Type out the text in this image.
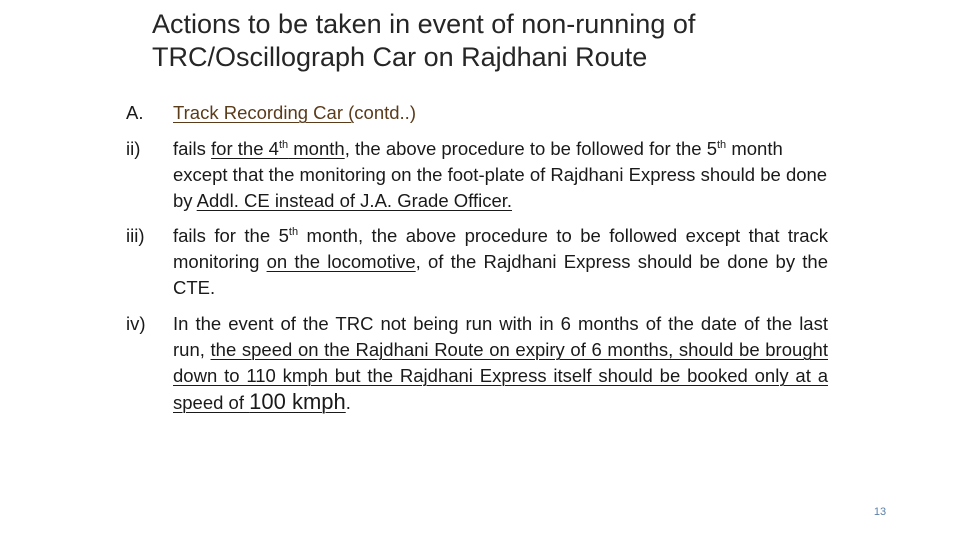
Actions to be taken in event of non-running of TRC/Oscillograph Car on Rajdhani Route
A. Track Recording Car (contd..)
ii) fails for the 4th month, the above procedure to be followed for the 5th month except that the monitoring on the foot-plate of Rajdhani Express should be done by Addl. CE instead of J.A. Grade Officer.
iii) fails for the 5th month, the above procedure to be followed except that track monitoring on the locomotive, of the Rajdhani Express should be done by the CTE.
iv) In the event of the TRC not being run with in 6 months of the date of the last run, the speed on the Rajdhani Route on expiry of 6 months, should be brought down to 110 kmph but the Rajdhani Express itself should be booked only at a speed of 100 kmph.
13
